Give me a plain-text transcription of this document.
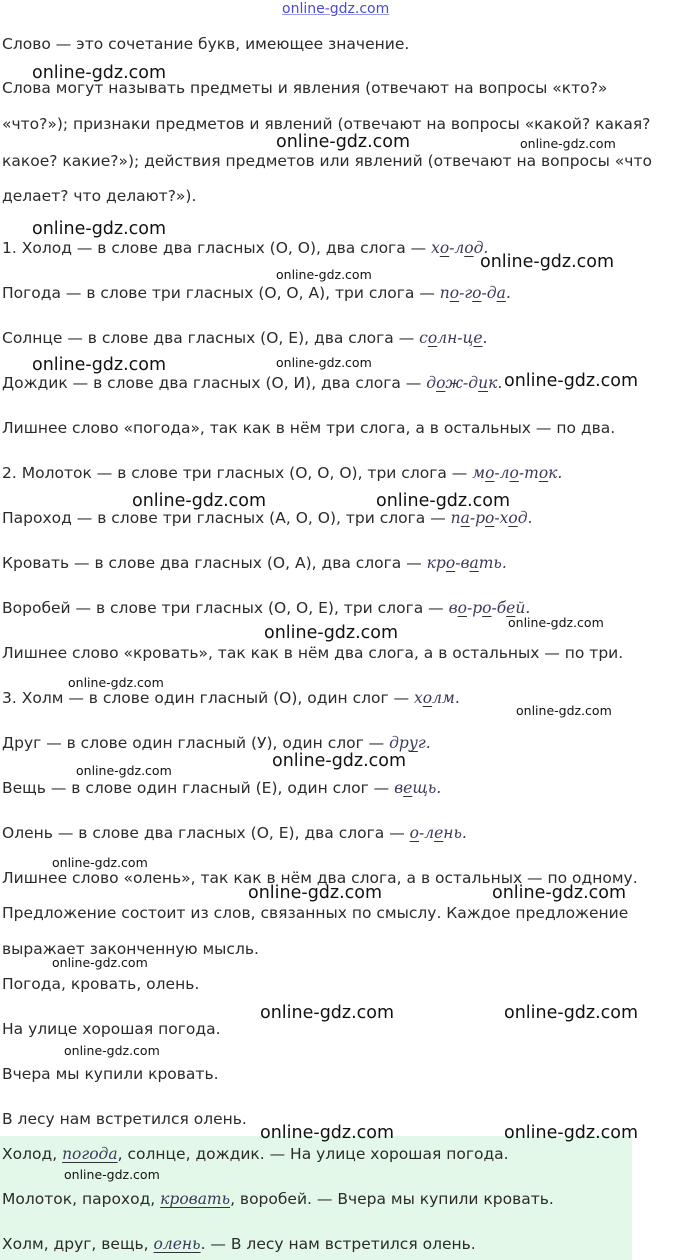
online-gdz.com
Слово — это сочетание букв, имеющее значение.
Слова могут называть предметы и явления (отвечают на вопросы «кто?»
«что?»); признаки предметов и явлений (отвечают на вопросы «какой? какая?
какое? какие?»); действия предметов или явлений (отвечают на вопросы «что
делает? что делают?»).
1. Холод — в слове два гласных (О, О), два слога — хо-лод.
Погода — в слове три гласных (О, О, А), три слога — по-го-да.
Солнце — в слове два гласных (О, Е), два слога — солн-це.
Дождик — в слове два гласных (О, И), два слога — дож-дик.
Лишнее слово «погода», так как в нём три слога, а в остальных — по два.
2. Молоток — в слове три гласных (О, О, О), три слога — мо-ло-ток.
Пароход — в слове три гласных (А, О, О), три слога — па-ро-ход.
Кровать — в слове два гласных (О, А), два слога — кро-вать.
Воробей — в слове три гласных (О, О, Е), три слога — во-ро-бей.
Лишнее слово «кровать», так как в нём два слога, а в остальных — по три.
3. Холм — в слове один гласный (О), один слог — холм.
Друг — в слове один гласный (У), один слог — друг.
Вещь — в слове один гласный (Е), один слог — вещь.
Олень — в слове два гласных (О, Е), два слога — о-лень.
Лишнее слово «олень», так как в нём два слога, а в остальных — по одному.
Предложение состоит из слов, связанных по смыслу. Каждое предложение
выражает законченную мысль.
Погода, кровать, олень.
На улице хорошая погода.
Вчера мы купили кровать.
В лесу нам встретился олень.
Холод, погода, солнце, дождик. — На улице хорошая погода.
Молоток, пароход, кровать, воробей. — Вчера мы купили кровать.
Холм, друг, вещь, олень. — В лесу нам встретился олень.
online-gdz.com
online-gdz.com	online-gdz.com
online-gdz.com
online-gdz.com
online-gdz.com
online-gdz.com	online-gdz.com
online-gdz.com
online-gdz.com	online-gdz.com
online-gdz.com
online-gdz.com
online-gdz.com
online-gdz.com
online-gdz.com
online-gdz.com
online-gdz.com
online-gdz.com	online-gdz.com
online-gdz.com
online-gdz.com	online-gdz.com
online-gdz.com
online-gdz.com	online-gdz.com
online-gdz.com
